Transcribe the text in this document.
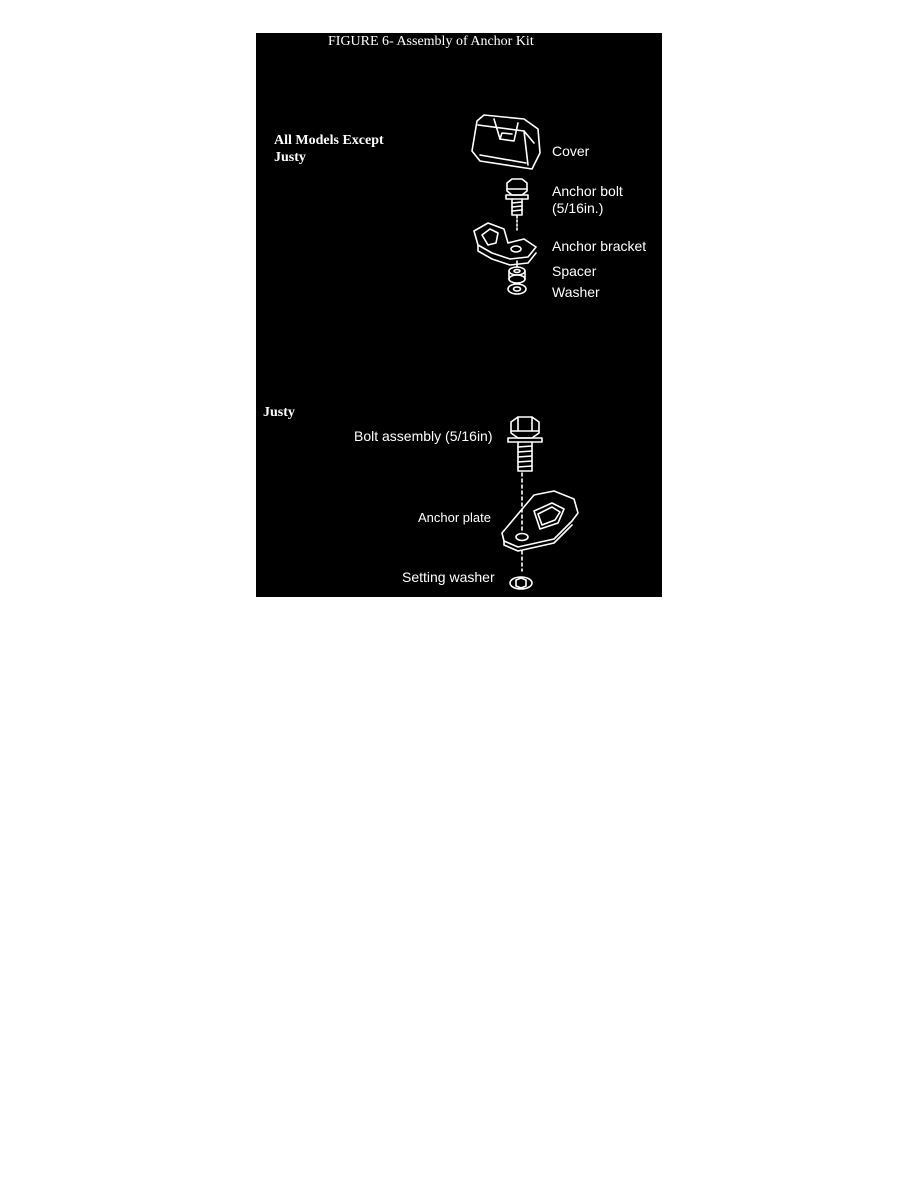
FIGURE 6- Assembly of Anchor Kit
All Models Except Justy
Justy
Cover
Anchor bolt (5/16in.)
Anchor bracket
Spacer
Washer
Bolt assembly (5/16in)
Anchor plate
Setting washer
